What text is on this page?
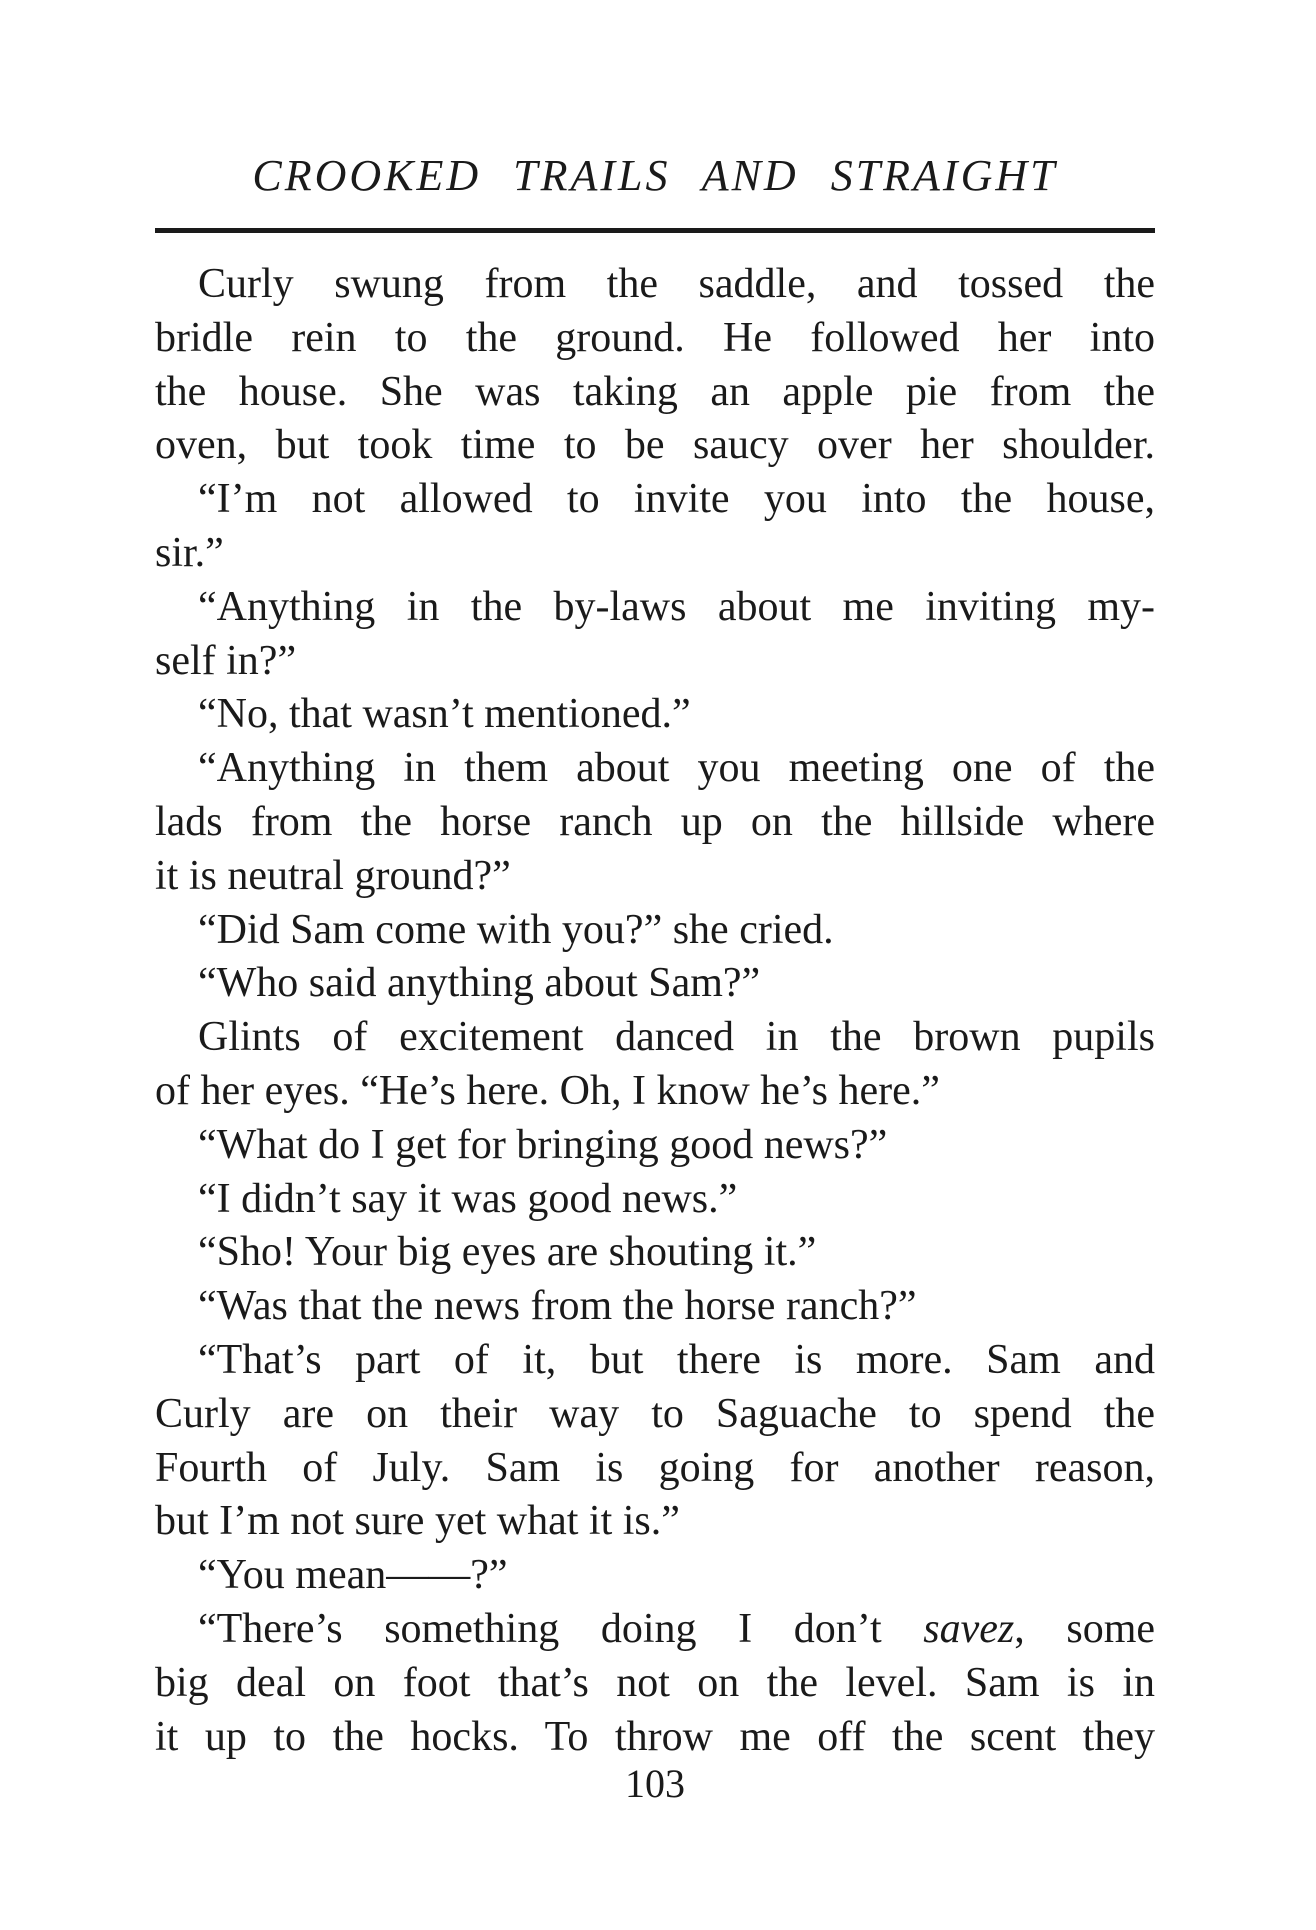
CROOKED TRAILS AND STRAIGHT
Curly swung from the saddle, and tossed the
bridle rein to the ground. He followed her into
the house. She was taking an apple pie from the
oven, but took time to be saucy over her shoulder.
“I’m not allowed to invite you into the house,
sir.”
“Anything in the by-laws about me inviting my-
self in?”
“No, that wasn’t mentioned.”
“Anything in them about you meeting one of the
lads from the horse ranch up on the hillside where
it is neutral ground?”
“Did Sam come with you?” she cried.
“Who said anything about Sam?”
Glints of excitement danced in the brown pupils
of her eyes. “He’s here. Oh, I know he’s here.”
“What do I get for bringing good news?”
“I didn’t say it was good news.”
“Sho! Your big eyes are shouting it.”
“Was that the news from the horse ranch?”
“That’s part of it, but there is more. Sam and
Curly are on their way to Saguache to spend the
Fourth of July. Sam is going for another reason,
but I’m not sure yet what it is.”
“You mean——?”
“There’s something doing I don’t savez, some
big deal on foot that’s not on the level. Sam is in
it up to the hocks. To throw me off the scent they
103
